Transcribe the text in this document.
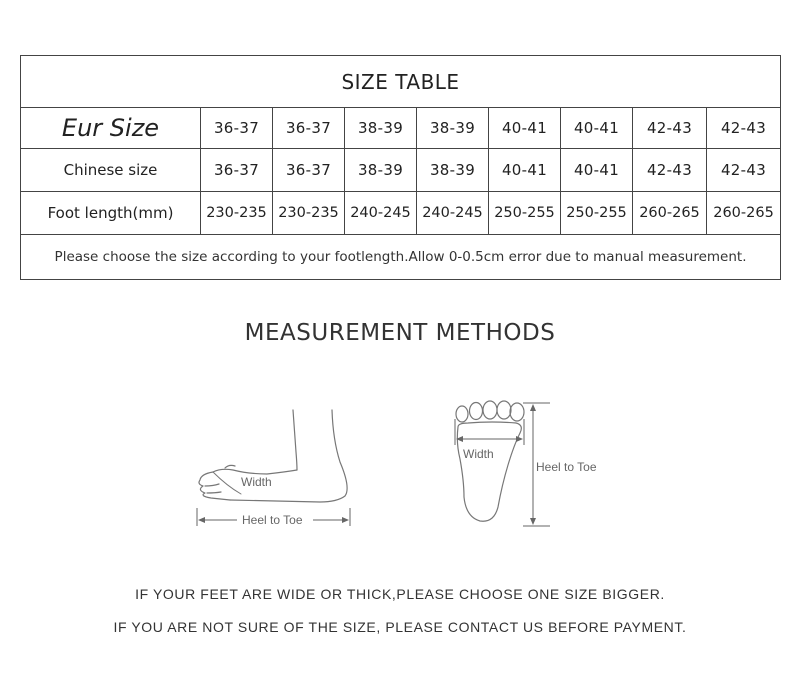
SIZE TABLE								
Eur Size	36-37	36-37	38-39	38-39	40-41	40-41	42-43	42-43
Chinese size	36-37	36-37	38-39	38-39	40-41	40-41	42-43	42-43
Foot length(mm)	230-235	230-235	240-245	240-245	250-255	250-255	260-265	260-265
Please choose the size according to your footlength.Allow 0-0.5cm error due to manual measurement.								
MEASUREMENT METHODS
Heel to Toe
Width
Width
Heel to Toe
IF YOUR FEET ARE WIDE OR THICK,PLEASE CHOOSE ONE SIZE BIGGER.
IF YOU ARE NOT SURE OF THE SIZE, PLEASE CONTACT US BEFORE PAYMENT.
